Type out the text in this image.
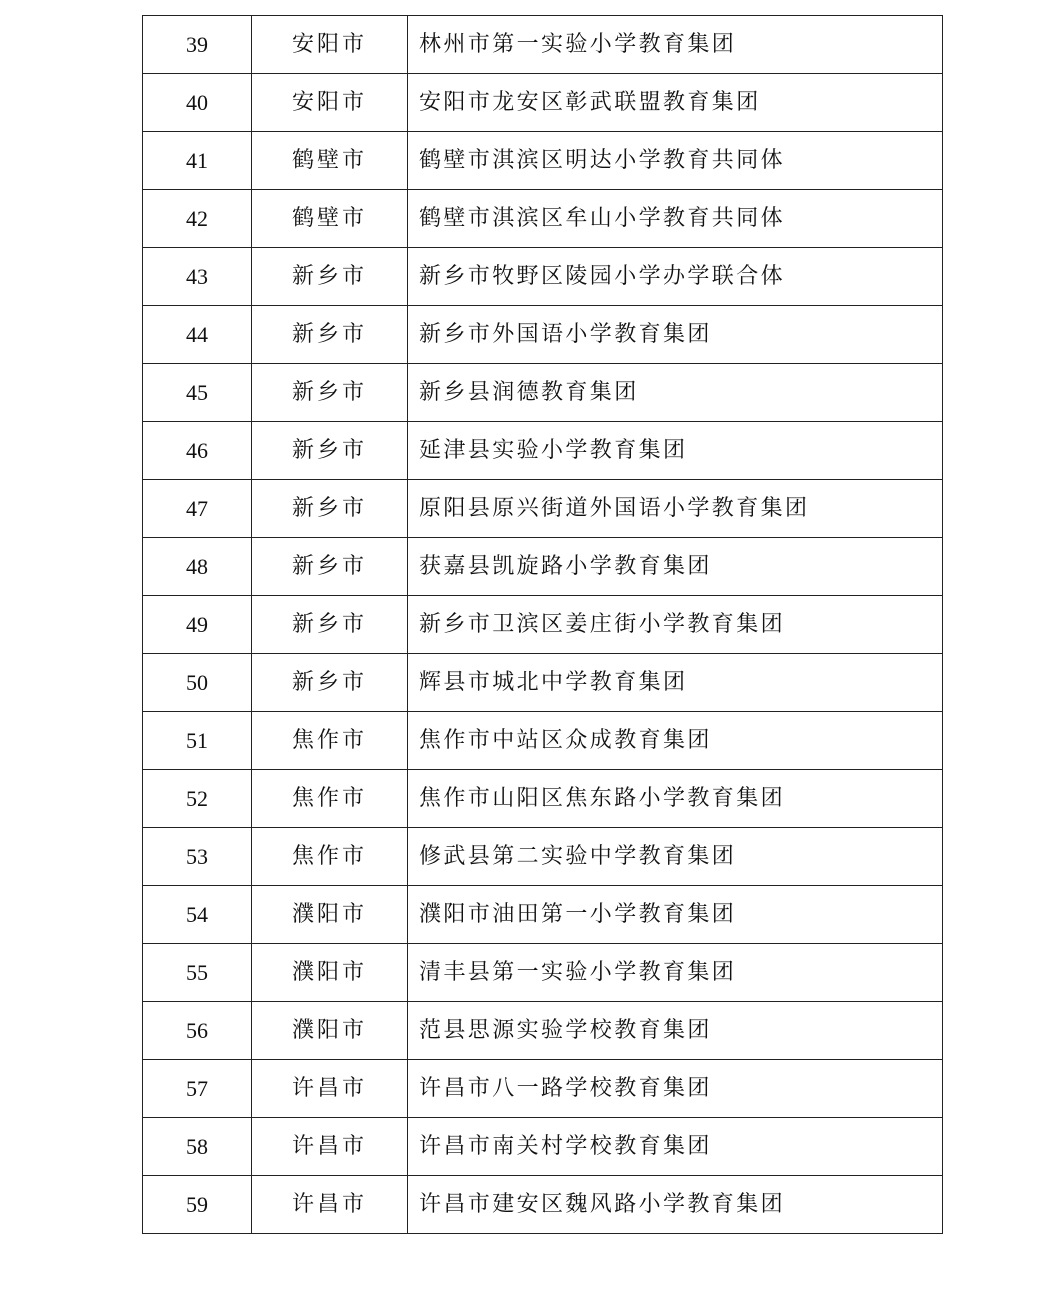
39	安阳市	林州市第一实验小学教育集团
40	安阳市	安阳市龙安区彰武联盟教育集团
41	鹤壁市	鹤壁市淇滨区明达小学教育共同体
42	鹤壁市	鹤壁市淇滨区牟山小学教育共同体
43	新乡市	新乡市牧野区陵园小学办学联合体
44	新乡市	新乡市外国语小学教育集团
45	新乡市	新乡县润德教育集团
46	新乡市	延津县实验小学教育集团
47	新乡市	原阳县原兴街道外国语小学教育集团
48	新乡市	获嘉县凯旋路小学教育集团
49	新乡市	新乡市卫滨区姜庄街小学教育集团
50	新乡市	辉县市城北中学教育集团
51	焦作市	焦作市中站区众成教育集团
52	焦作市	焦作市山阳区焦东路小学教育集团
53	焦作市	修武县第二实验中学教育集团
54	濮阳市	濮阳市油田第一小学教育集团
55	濮阳市	清丰县第一实验小学教育集团
56	濮阳市	范县思源实验学校教育集团
57	许昌市	许昌市八一路学校教育集团
58	许昌市	许昌市南关村学校教育集团
59	许昌市	许昌市建安区魏风路小学教育集团
